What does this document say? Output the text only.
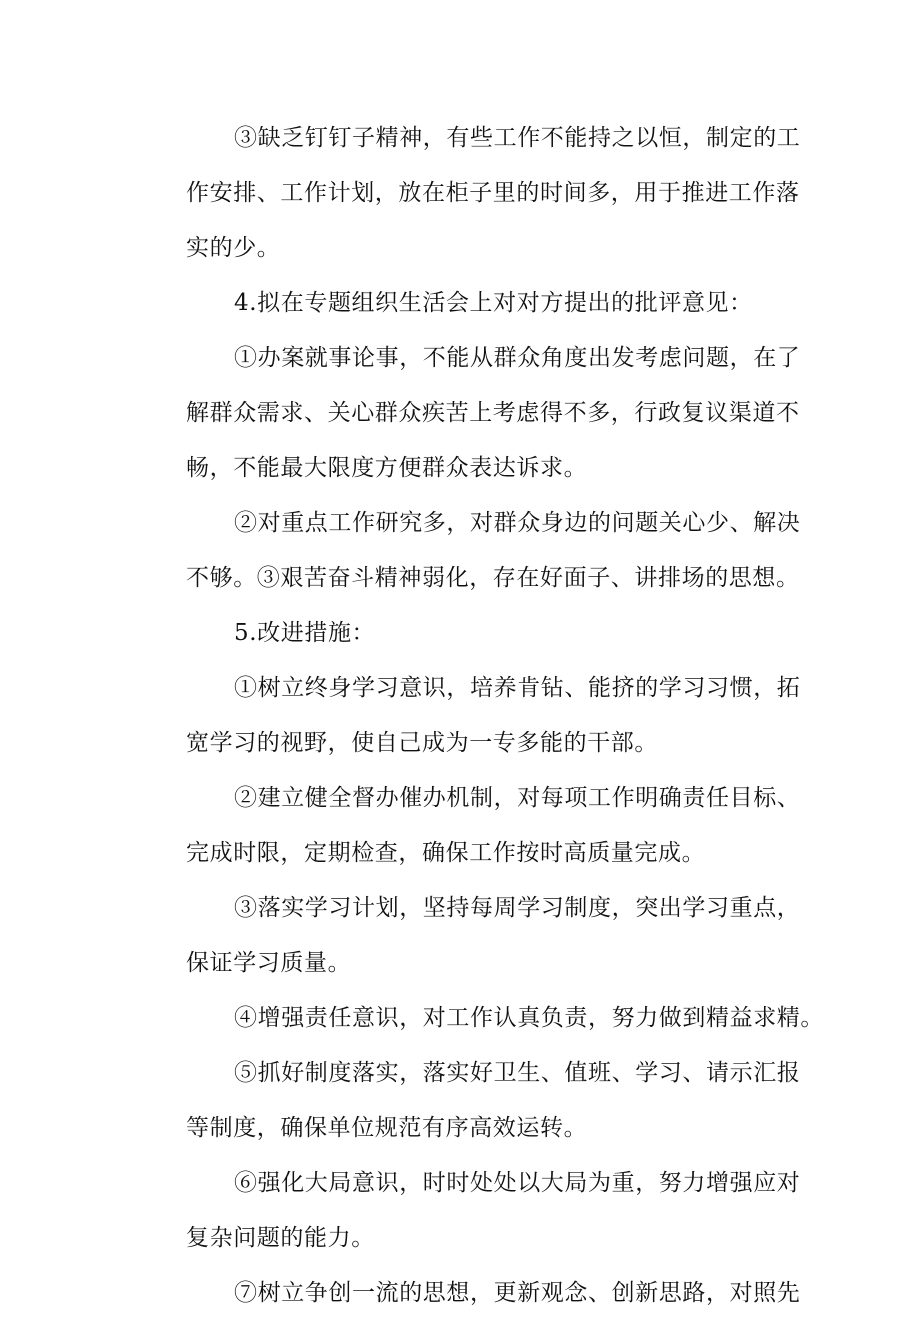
③缺乏钉钉子精神，有些工作不能持之以恒，制定的工
作安排、工作计划，放在柜子里的时间多，用于推进工作落
实的少。
4.拟在专题组织生活会上对对方提出的批评意见：
①办案就事论事，不能从群众角度出发考虑问题，在了
解群众需求、关心群众疾苦上考虑得不多，行政复议渠道不
畅，不能最大限度方便群众表达诉求。
②对重点工作研究多，对群众身边的问题关心少、解决
不够。③艰苦奋斗精神弱化，存在好面子、讲排场的思想。
5.改进措施：
①树立终身学习意识，培养肯钻、能挤的学习习惯，拓
宽学习的视野，使自己成为一专多能的干部。
②建立健全督办催办机制，对每项工作明确责任目标、
完成时限，定期检查，确保工作按时高质量完成。
③落实学习计划，坚持每周学习制度，突出学习重点，
保证学习质量。
④增强责任意识，对工作认真负责，努力做到精益求精。
⑤抓好制度落实，落实好卫生、值班、学习、请示汇报
等制度，确保单位规范有序高效运转。
⑥强化大局意识，时时处处以大局为重，努力增强应对
复杂问题的能力。
⑦树立争创一流的思想，更新观念、创新思路，对照先
